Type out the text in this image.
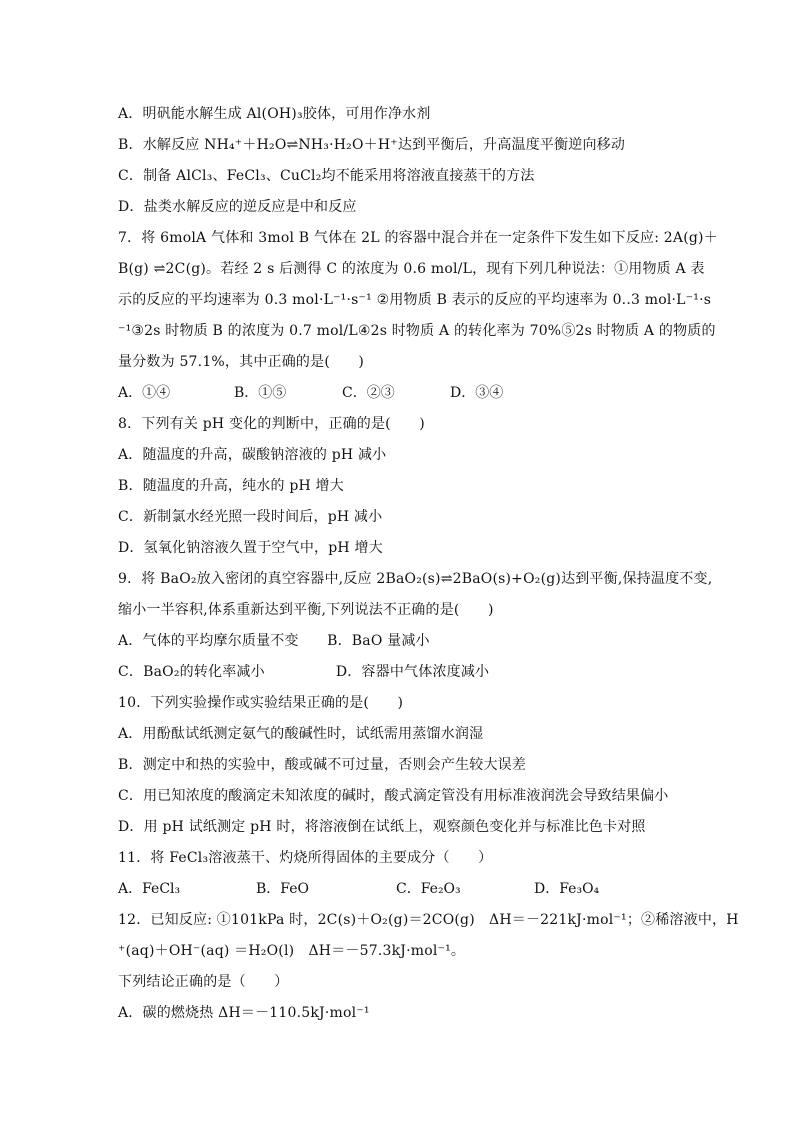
A．明矾能水解生成 Al(OH)₃胶体，可用作净水剂
B．水解反应 NH₄⁺＋H₂O⇌NH₃·H₂O＋H⁺达到平衡后，升高温度平衡逆向移动
C．制备 AlCl₃、FeCl₃、CuCl₂均不能采用将溶液直接蒸干的方法
D．盐类水解反应的逆反应是中和反应
7．将 6molA 气体和 3mol B 气体在 2L 的容器中混合并在一定条件下发生如下反应: 2A(g)＋
B(g) ⇌2C(g)。若经 2 s 后测得 C 的浓度为 0.6 mol/L，现有下列几种说法：①用物质 A 表
示的反应的平均速率为 0.3 mol·L⁻¹·s⁻¹ ②用物质 B 表示的反应的平均速率为 0..3 mol·L⁻¹·s
⁻¹③2s 时物质 B 的浓度为 0.7 mol/L④2s 时物质 A 的转化率为 70%⑤2s 时物质 A 的物质的
量分数为 57.1%，其中正确的是(　　)
A．①④	B．①⑤	C．②③	D．③④
8．下列有关 pH 变化的判断中，正确的是(　　)
A．随温度的升高，碳酸钠溶液的 pH 减小
B．随温度的升高，纯水的 pH 增大
C．新制氯水经光照一段时间后，pH 减小
D．氢氧化钠溶液久置于空气中，pH 增大
9．将 BaO₂放入密闭的真空容器中,反应 2BaO₂(s)⇌2BaO(s)+O₂(g)达到平衡,保持温度不变,
缩小一半容积,体系重新达到平衡,下列说法不正确的是(　　)
A．气体的平均摩尔质量不变　　B．BaO 量减小
C．BaO₂的转化率减小　　　　　D．容器中气体浓度减小
10．下列实验操作或实验结果正确的是(　　)
A．用酚酞试纸测定氨气的酸碱性时，试纸需用蒸馏水润湿
B．测定中和热的实验中，酸或碱不可过量，否则会产生较大误差
C．用已知浓度的酸滴定未知浓度的碱时，酸式滴定管没有用标准液润洗会导致结果偏小
D．用 pH 试纸测定 pH 时，将溶液倒在试纸上，观察颜色变化并与标准比色卡对照
11．将 FeCl₃溶液蒸干、灼烧所得固体的主要成分（　　）
A．FeCl₃	B．FeO	C．Fe₂O₃	D．Fe₃O₄
12．已知反应: ①101kPa 时，2C(s)＋O₂(g)＝2CO(g)　ΔH＝－221kJ·mol⁻¹；②稀溶液中，H
⁺(aq)＋OH⁻(aq) ＝H₂O(l)　ΔH＝－57.3kJ·mol⁻¹。
下列结论正确的是（　　）
A．碳的燃烧热 ΔH＝－110.5kJ·mol⁻¹
